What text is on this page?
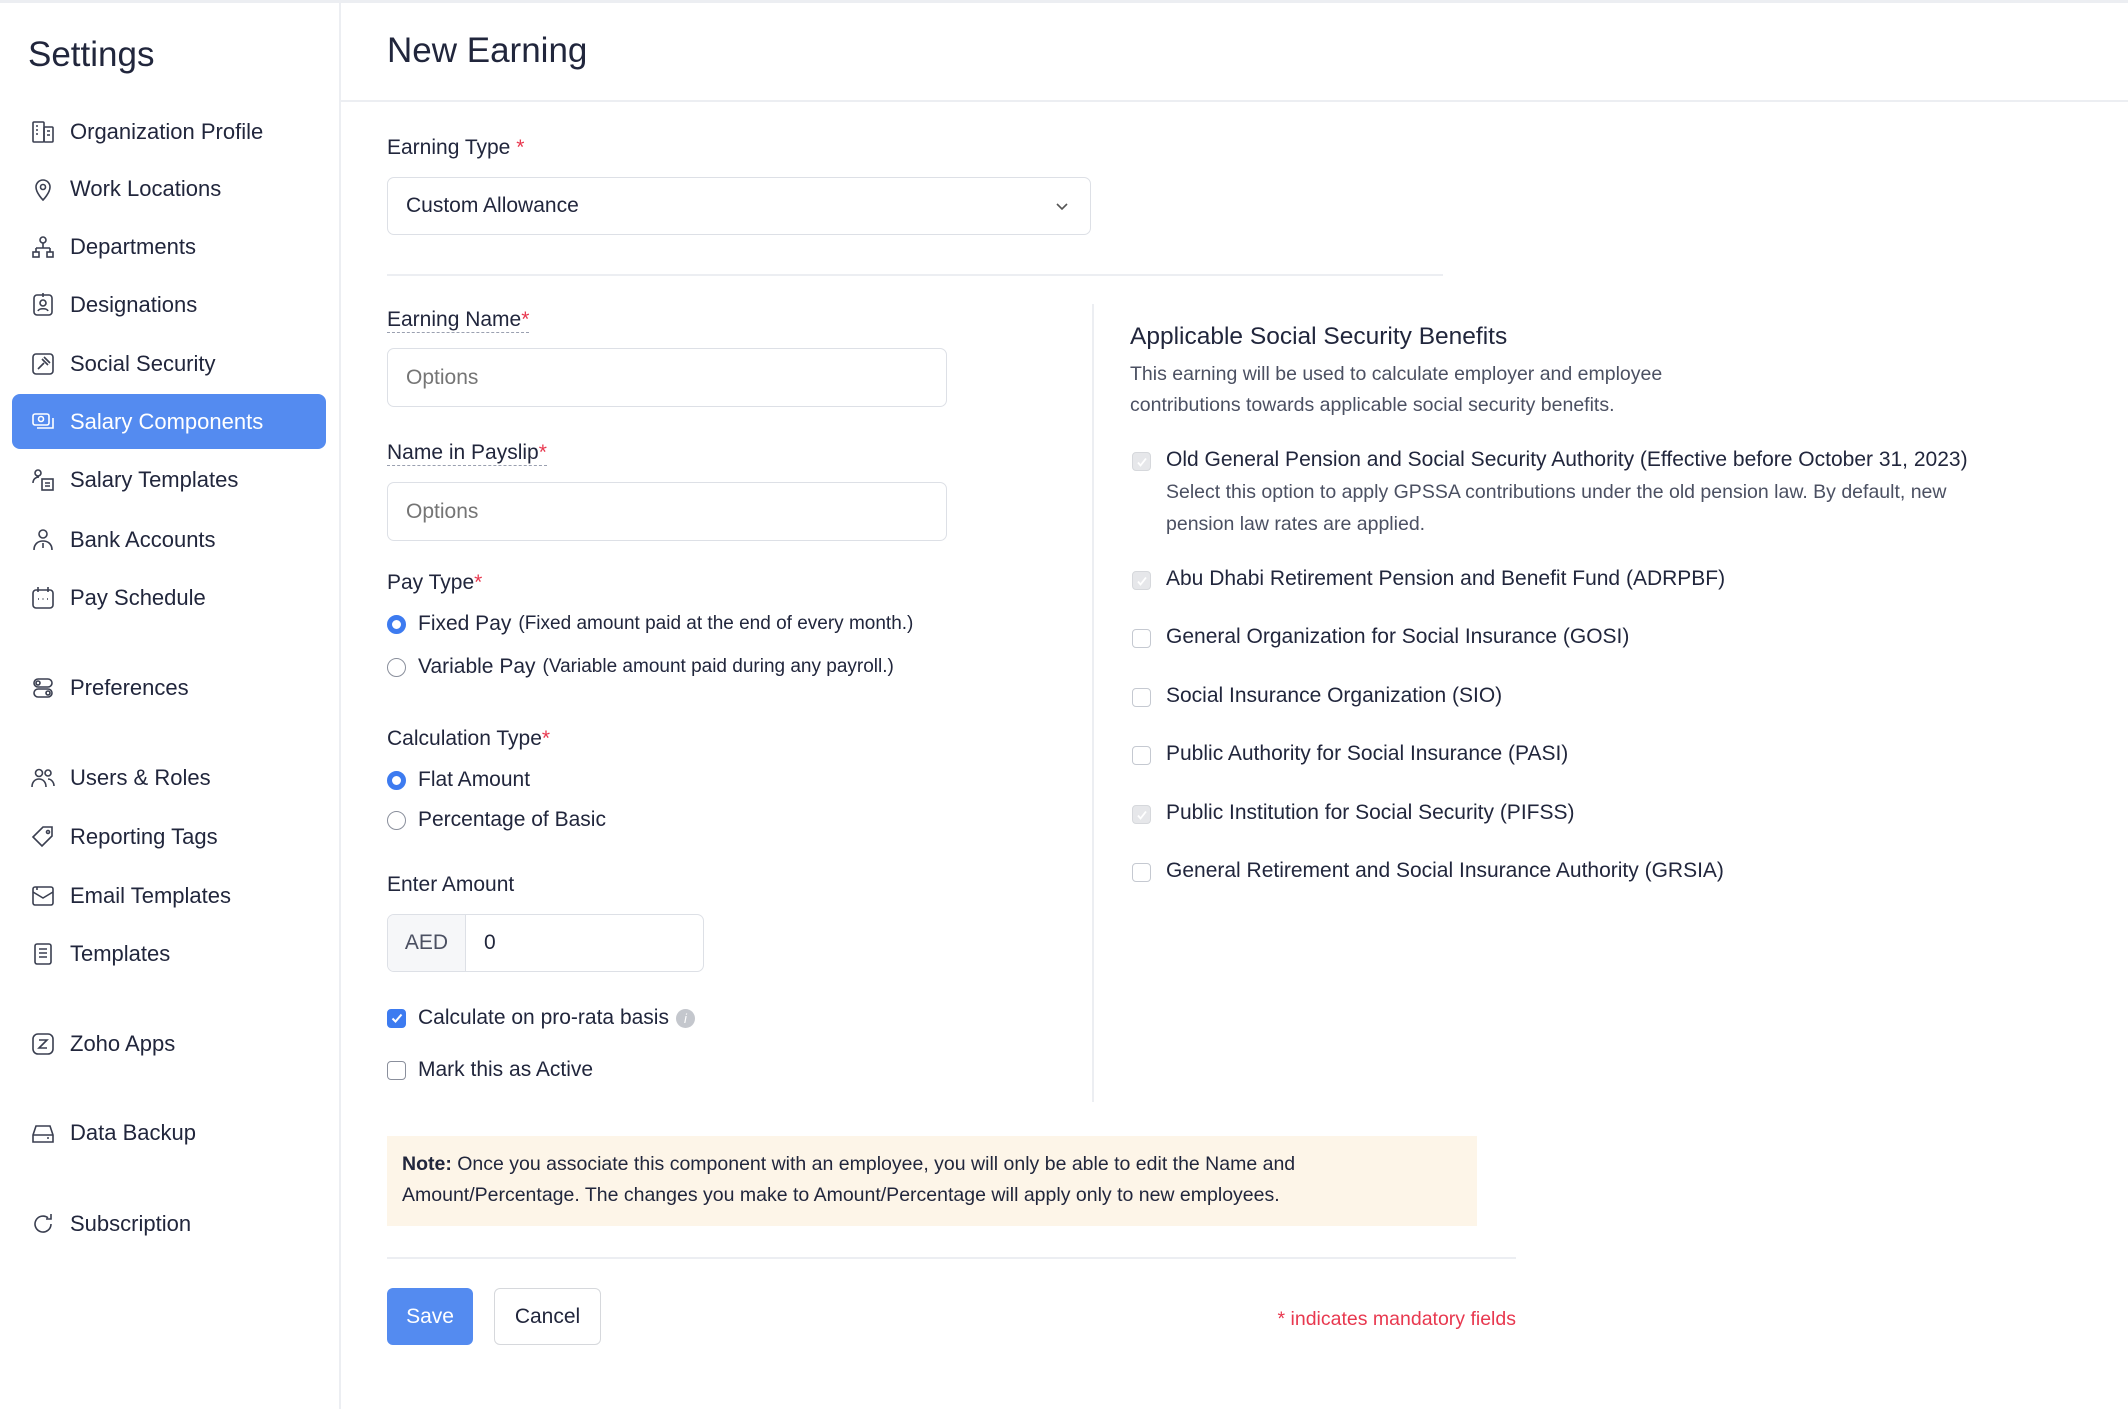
Settings
Organization Profile
Work Locations
Departments
Designations
Social Security
Salary Components
Salary Templates
Bank Accounts
Pay Schedule
Preferences
Users & Roles
Reporting Tags
Email Templates
Templates
Zoho Apps
Data Backup
Subscription
New Earning
Earning Type *
Custom Allowance
Earning Name*
Options
Name in Payslip*
Options
Pay Type*
Fixed Pay (Fixed amount paid at the end of every month.)
Variable Pay (Variable amount paid during any payroll.)
Calculation Type*
Flat Amount
Percentage of Basic
Enter Amount
AED	0
Calculate on pro-rata basis	i
Mark this as Active
Applicable Social Security Benefits
This earning will be used to calculate employer and employee
contributions towards applicable social security benefits.
Old General Pension and Social Security Authority (Effective before October 31, 2023)
Select this option to apply GPSSA contributions under the old pension law. By default, new
pension law rates are applied.
Abu Dhabi Retirement Pension and Benefit Fund (ADRPBF)
General Organization for Social Insurance (GOSI)
Social Insurance Organization (SIO)
Public Authority for Social Insurance (PASI)
Public Institution for Social Security (PIFSS)
General Retirement and Social Insurance Authority (GRSIA)
Note: Once you associate this component with an employee, you will only be able to edit the Name and
Amount/Percentage. The changes you make to Amount/Percentage will apply only to new employees.
Save	Cancel	* indicates mandatory fields
